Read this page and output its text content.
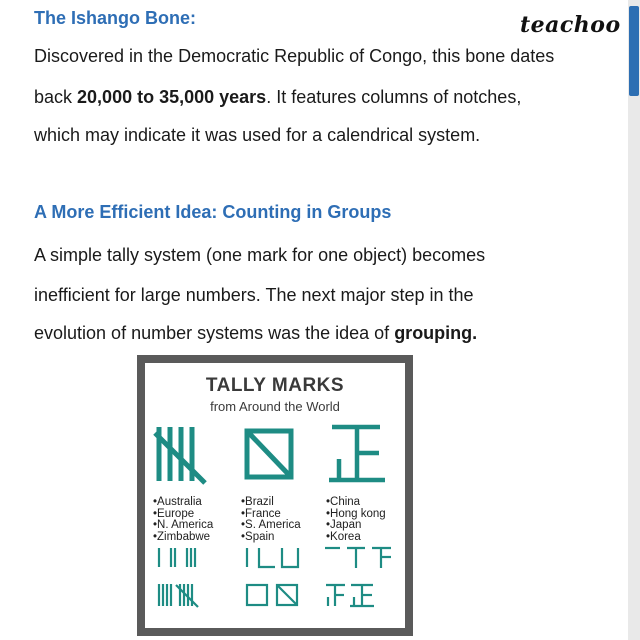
teachoo
The Ishango Bone:
Discovered in the Democratic Republic of Congo, this bone dates
back 20,000 to 35,000 years. It features columns of notches,
which may indicate it was used for a calendrical system.
A More Efficient Idea: Counting in Groups
A simple tally system (one mark for one object) becomes
inefficient for large numbers. The next major step in the
evolution of number systems was the idea of grouping.
TALLY MARKS
from Around the World
•Australia
•Europe
•N. America
•Zimbabwe
•Brazil
•France
•S. America
•Spain
•China
•Hong kong
•Japan
•Korea
